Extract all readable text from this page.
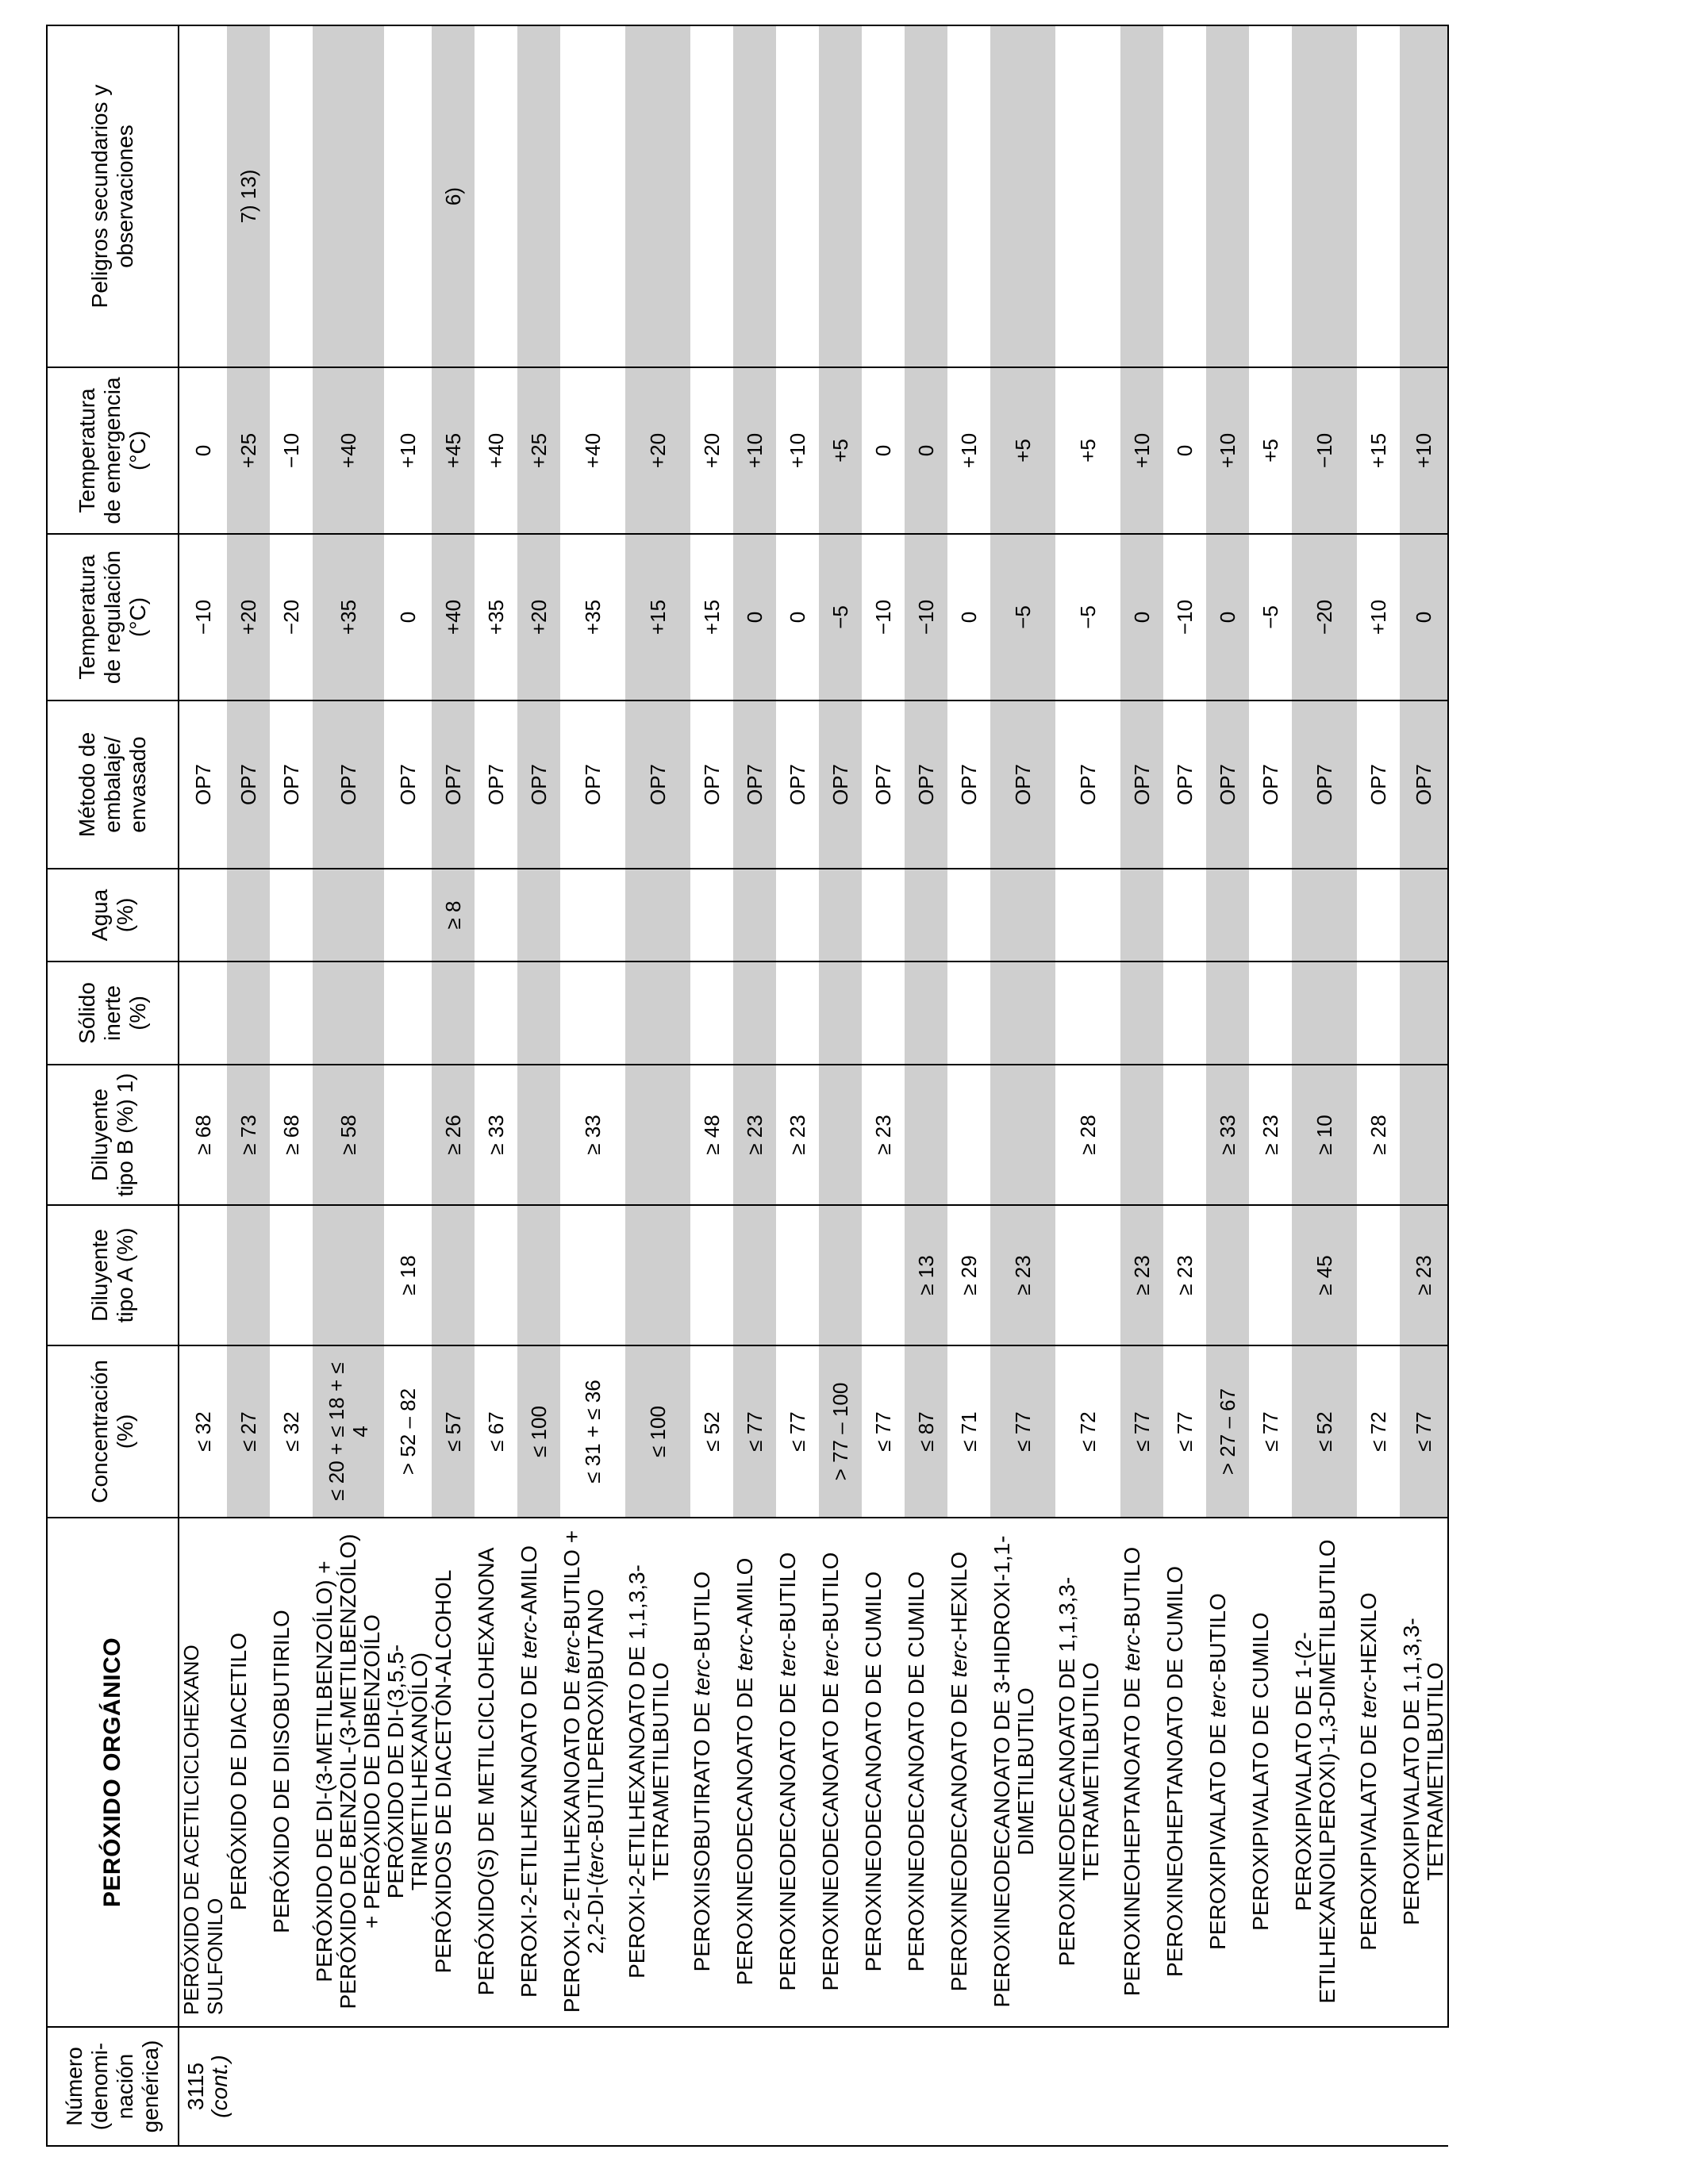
Número (denomi-nación genérica)	PERÓXIDO ORGÁNICO	Concentración (%)	Diluyente tipo A (%)	Diluyente tipo B (%) 1)	Sólido inerte (%)	Agua (%)	Método de embalaje/ envasado	Temperatura de regulación (°C)	Temperatura de emergencia (°C)	Peligros secundarios y observaciones

3115 (cont.)	PERÓXIDO DE ACETILCICLOHEXANO SULFONILO	≤ 32		≥ 68			OP7	−10	0	
	PERÓXIDO DE DIACETILO	≤ 27		≥ 73			OP7	+20	+25	7) 13)
	PERÓXIDO DE DIISOBUTIRILO	≤ 32		≥ 68			OP7	−20	−10	
	PERÓXIDO DE DI-(3-METILBENZOÍLO) + PERÓXIDO DE BENZOIL-(3-METILBENZOÍLO) + PERÓXIDO DE DIBENZOÍLO	≤ 20 + ≤ 18 + ≤ 4		≥ 58			OP7	+35	+40	
	PERÓXIDO DE DI-(3,5,5-TRIMETILHEXANOÍLO)	> 52 – 82	≥ 18				OP7	0	+10	
	PERÓXIDOS DE DIACETÓN-ALCOHOL	≤ 57		≥ 26		≥ 8	OP7	+40	+45	6)
	PERÓXIDO(S) DE METILCICLOHEXANONA	≤ 67		≥ 33			OP7	+35	+40	
	PEROXI-2-ETILHEXANOATO DE terc-AMILO	≤ 100					OP7	+20	+25	
	PEROXI-2-ETILHEXANOATO DE terc-BUTILO + 2,2-DI-(terc-BUTILPEROXI)BUTANO	≤ 31 + ≤ 36		≥ 33			OP7	+35	+40	
	PEROXI-2-ETILHEXANOATO DE 1,1,3,3-TETRAMETILBUTILO	≤ 100					OP7	+15	+20	
	PEROXIISOBUTIRATO DE terc-BUTILO	≤ 52		≥ 48			OP7	+15	+20	
	PEROXINEODECANOATO DE terc-AMILO	≤ 77		≥ 23			OP7	0	+10	
	PEROXINEODECANOATO DE terc-BUTILO	≤ 77		≥ 23			OP7	0	+10	
	PEROXINEODECANOATO DE terc-BUTILO	> 77 – 100					OP7	−5	+5	
	PEROXINEODECANOATO DE CUMILO	≤ 77		≥ 23			OP7	−10	0	
	PEROXINEODECANOATO DE CUMILO	≤ 87	≥ 13				OP7	−10	0	
	PEROXINEODECANOATO DE terc-HEXILO	≤ 71	≥ 29				OP7	0	+10	
	PEROXINEODECANOATO DE 3-HIDROXI-1,1-DIMETILBUTILO	≤ 77	≥ 23				OP7	−5	+5	
	PEROXINEODECANOATO DE 1,1,3,3-TETRAMETILBUTILO	≤ 72		≥ 28			OP7	−5	+5	
	PEROXINEOHEPTANOATO DE terc-BUTILO	≤ 77	≥ 23				OP7	0	+10	
	PEROXINEOHEPTANOATO DE CUMILO	≤ 77	≥ 23				OP7	−10	0	
	PEROXIPIVALATO DE terc-BUTILO	> 27 – 67		≥ 33			OP7	0	+10	
	PEROXIPIVALATO DE CUMILO	≤ 77		≥ 23			OP7	−5	+5	
	PEROXIPIVALATO DE 1-(2-ETILHEXANOILPEROXI)-1,3-DIMETILBUTILO	≤ 52	≥ 45	≥ 10			OP7	−20	−10	
	PEROXIPIVALATO DE terc-HEXILO	≤ 72		≥ 28			OP7	+10	+15	
	PEROXIPIVALATO DE 1,1,3,3-TETRAMETILBUTILO	≤ 77	≥ 23				OP7	0	+10	
